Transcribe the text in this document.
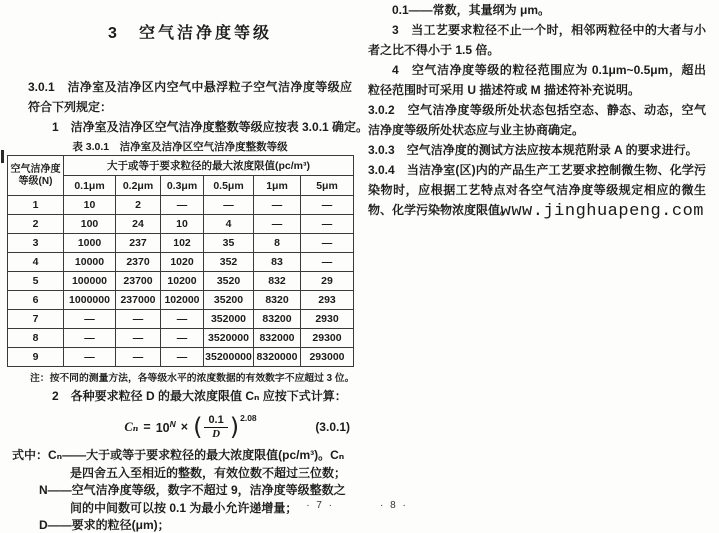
3　空气洁净度等级

3.0.1　洁净室及洁净区内空气中悬浮粒子空气洁净度等级应符合下列规定：

1　洁净室及洁净区空气洁净度整数等级应按表 3.0.1 确定。

表 3.0.1　洁净室及洁净区空气洁净度整数等级
空气洁净度
等级(N)	大于或等于要求粒径的最大浓度限值(pc/m³)					
	0.1μm	0.2μm	0.3μm	0.5μm	1μm	5μm
1	10	2	—	—	—	—
2	100	24	10	4	—	—
3	1000	237	102	35	8	—
4	10000	2370	1020	352	83	—
5	100000	23700	10200	3520	832	29
6	1000000	237000	102000	35200	8320	293
7	—	—	—	352000	83200	2930
8	—	—	—	3520000	832000	29300
9	—	—	—	35200000	8320000	293000
注：按不同的测量方法，各等级水平的浓度数据的有效数字不应超过 3 位。

2　各种要求粒径 D 的最大浓度限值 Cₙ 应按下式计算：

$C_n = 10^N$ × ( $\frac{0.1}{D}$ ) 2.08
(3.0.1)
式中：Cₙ——大于或等于要求粒径的最大浓度限值(pc/m³)。Cₙ
是四舍五入至相近的整数，有效位数不超过三位数；
N——空气洁净度等级，数字不超过 9，洁净度等级整数之
间的中间数可以按 0.1 为最小允许递增量；
D——要求的粒径(μm)；
· 7 ·

0.1——常数，其量纲为 μm。

3　当工艺要求粒径不止一个时，相邻两粒径中的大者与小者之比不得小于 1.5 倍。

4　空气洁净度等级的粒径范围应为 0.1μm~0.5μm，超出粒径范围时可采用 U 描述符或 M 描述符补充说明。

3.0.2　空气洁净度等级所处状态包括空态、静态、动态，空气洁净度等级所处状态应与业主协商确定。

3.0.3　空气洁净度的测试方法应按本规范附录 A 的要求进行。

3.0.4　当洁净室(区)内的产品生产工艺要求控制微生物、化学污染物时，应根据工艺特点对各空气洁净度等级规定相应的微生物、化学污染物浓度限值。

www.jinghuapeng.com
· 8 ·
